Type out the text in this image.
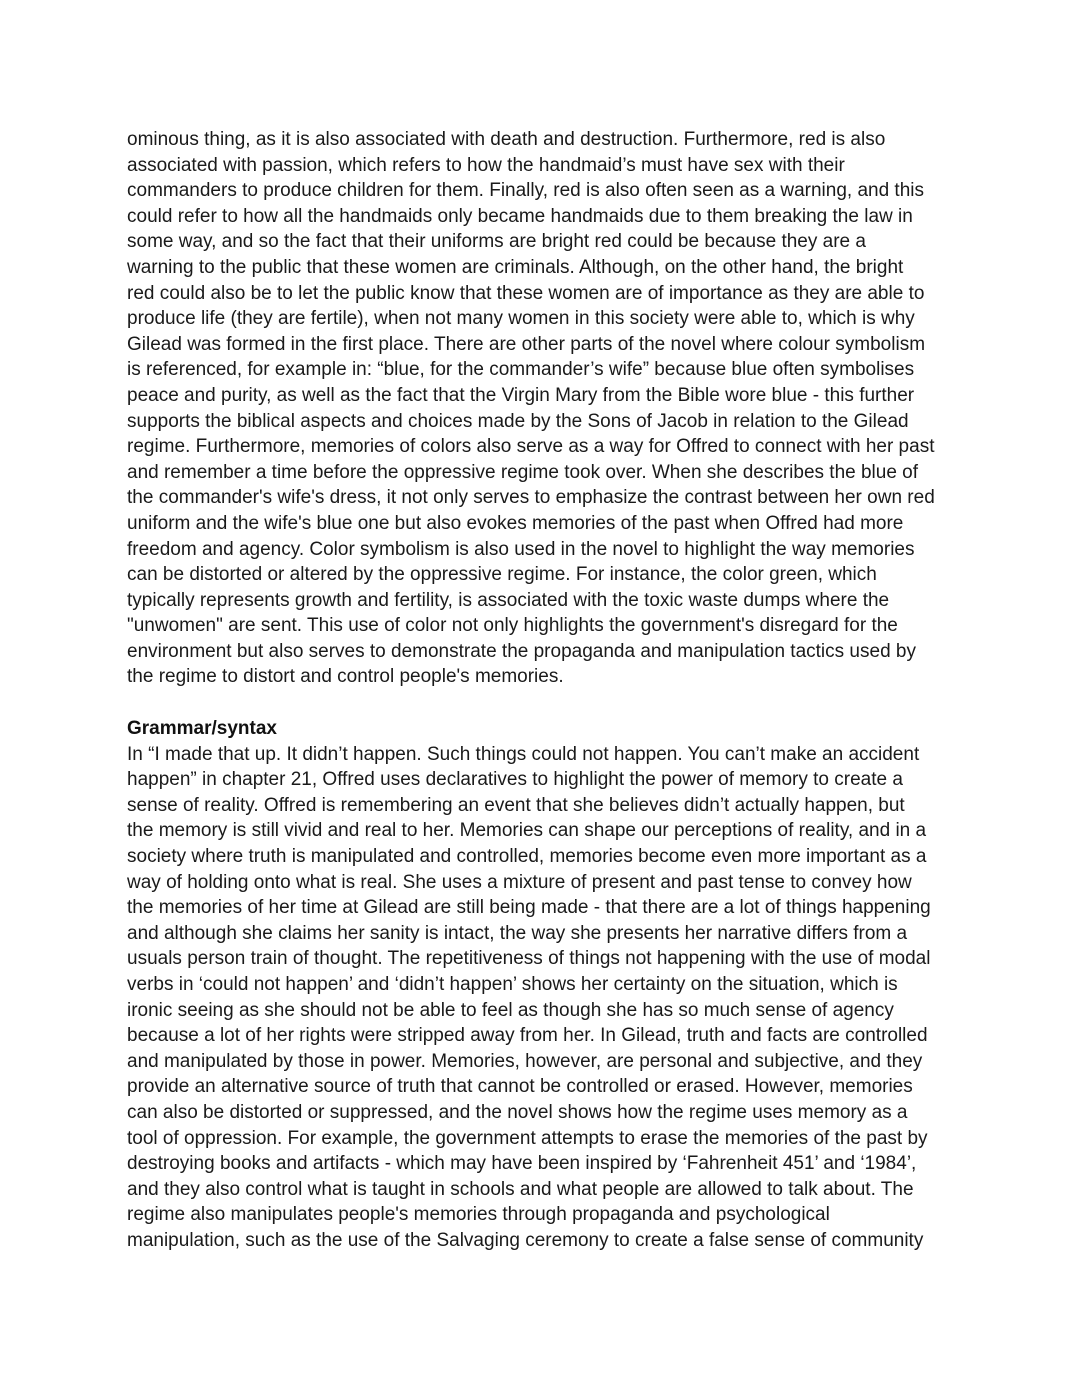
ominous thing, as it is also associated with death and destruction. Furthermore, red is also
associated with passion, which refers to how the handmaid’s must have sex with their
commanders to produce children for them. Finally, red is also often seen as a warning, and this
could refer to how all the handmaids only became handmaids due to them breaking the law in
some way, and so the fact that their uniforms are bright red could be because they are a
warning to the public that these women are criminals. Although, on the other hand, the bright
red could also be to let the public know that these women are of importance as they are able to
produce life (they are fertile), when not many women in this society were able to, which is why
Gilead was formed in the first place. There are other parts of the novel where colour symbolism
is referenced, for example in: “blue, for the commander’s wife” because blue often symbolises
peace and purity, as well as the fact that the Virgin Mary from the Bible wore blue - this further
supports the biblical aspects and choices made by the Sons of Jacob in relation to the Gilead
regime. Furthermore, memories of colors also serve as a way for Offred to connect with her past
and remember a time before the oppressive regime took over. When she describes the blue of
the commander's wife's dress, it not only serves to emphasize the contrast between her own red
uniform and the wife's blue one but also evokes memories of the past when Offred had more
freedom and agency. Color symbolism is also used in the novel to highlight the way memories
can be distorted or altered by the oppressive regime. For instance, the color green, which
typically represents growth and fertility, is associated with the toxic waste dumps where the
"unwomen" are sent. This use of color not only highlights the government's disregard for the
environment but also serves to demonstrate the propaganda and manipulation tactics used by
the regime to distort and control people's memories.
Grammar/syntax
In “I made that up. It didn’t happen. Such things could not happen. You can’t make an accident
happen” in chapter 21, Offred uses declaratives to highlight the power of memory to create a
sense of reality. Offred is remembering an event that she believes didn’t actually happen, but
the memory is still vivid and real to her. Memories can shape our perceptions of reality, and in a
society where truth is manipulated and controlled, memories become even more important as a
way of holding onto what is real. She uses a mixture of present and past tense to convey how
the memories of her time at Gilead are still being made - that there are a lot of things happening
and although she claims her sanity is intact, the way she presents her narrative differs from a
usuals person train of thought. The repetitiveness of things not happening with the use of modal
verbs in ‘could not happen’ and ‘didn’t happen’ shows her certainty on the situation, which is
ironic seeing as she should not be able to feel as though she has so much sense of agency
because a lot of her rights were stripped away from her. In Gilead, truth and facts are controlled
and manipulated by those in power. Memories, however, are personal and subjective, and they
provide an alternative source of truth that cannot be controlled or erased. However, memories
can also be distorted or suppressed, and the novel shows how the regime uses memory as a
tool of oppression. For example, the government attempts to erase the memories of the past by
destroying books and artifacts - which may have been inspired by ‘Fahrenheit 451’ and ‘1984’,
and they also control what is taught in schools and what people are allowed to talk about. The
regime also manipulates people's memories through propaganda and psychological
manipulation, such as the use of the Salvaging ceremony to create a false sense of community
